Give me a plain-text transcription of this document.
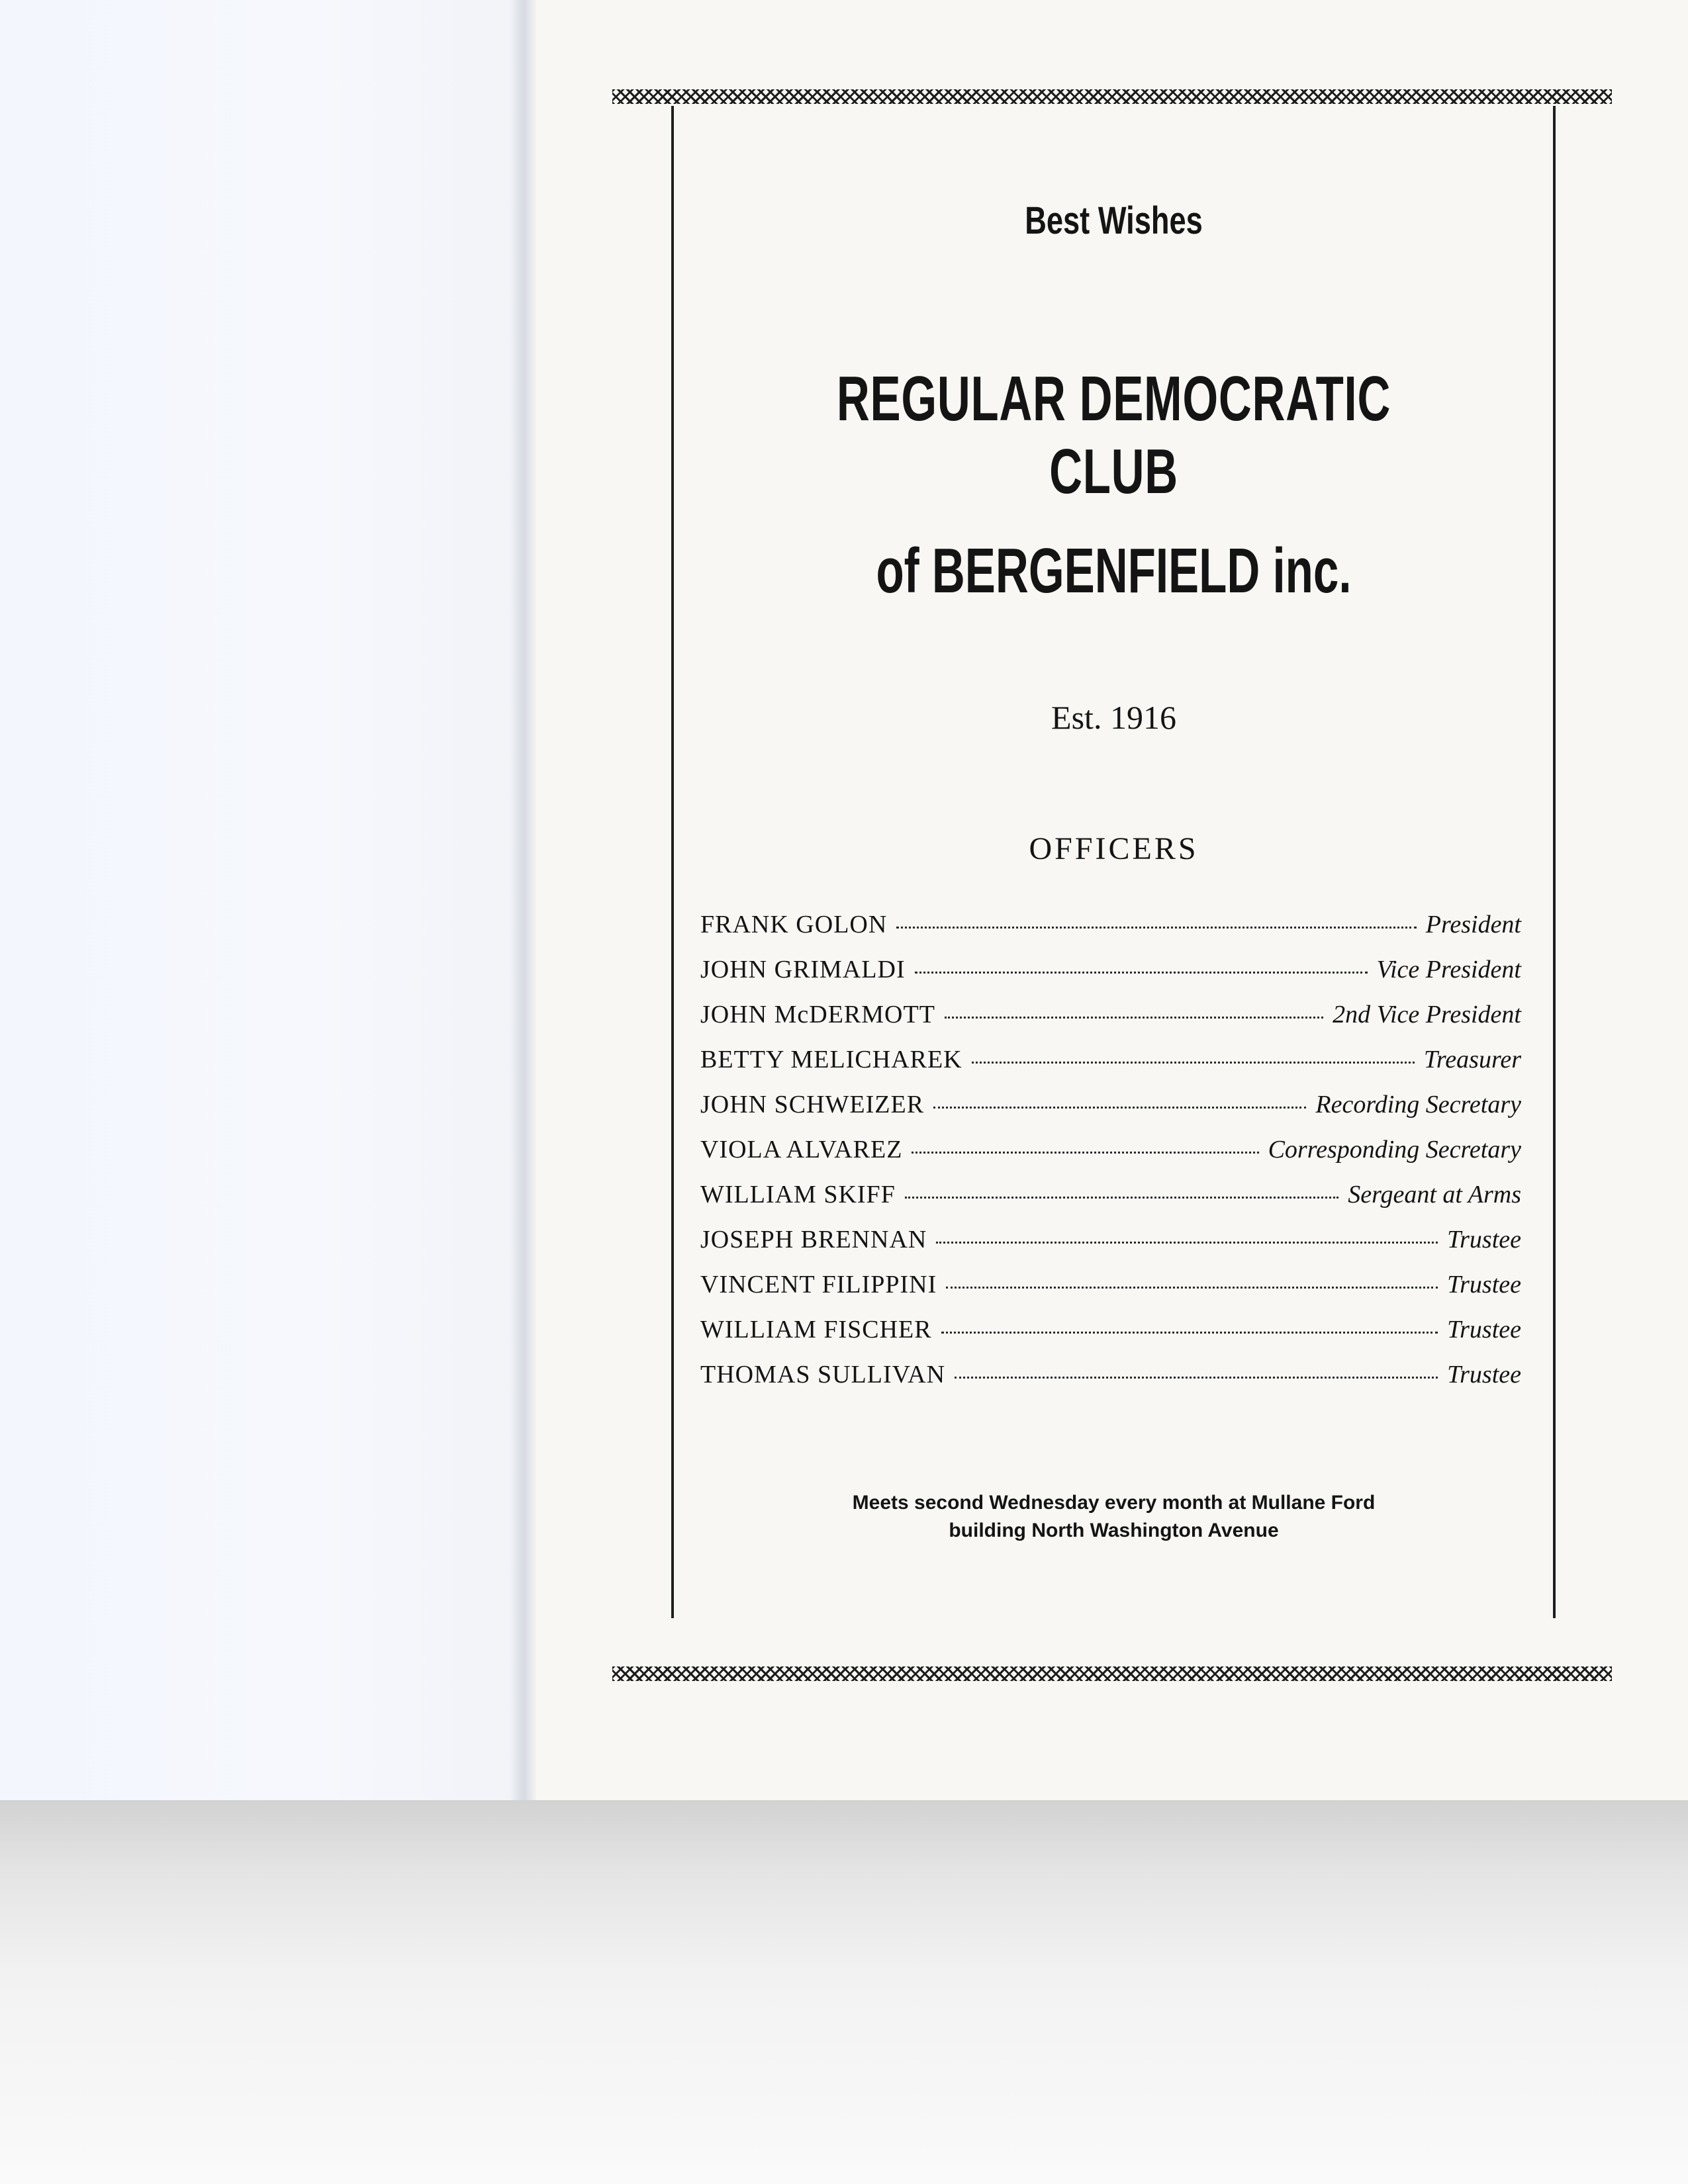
Best Wishes
REGULAR DEMOCRATIC CLUB
of BERGENFIELD inc.
Est. 1916
OFFICERS
FRANK GOLON	President
JOHN GRIMALDI	Vice President
JOHN McDERMOTT	2nd Vice President
BETTY MELICHAREK	Treasurer
JOHN SCHWEIZER	Recording Secretary
VIOLA ALVAREZ	Corresponding Secretary
WILLIAM SKIFF	Sergeant at Arms
JOSEPH BRENNAN	Trustee
VINCENT FILIPPINI	Trustee
WILLIAM FISCHER	Trustee
THOMAS SULLIVAN	Trustee
Meets second Wednesday every month at Mullane Ford
building North Washington Avenue
